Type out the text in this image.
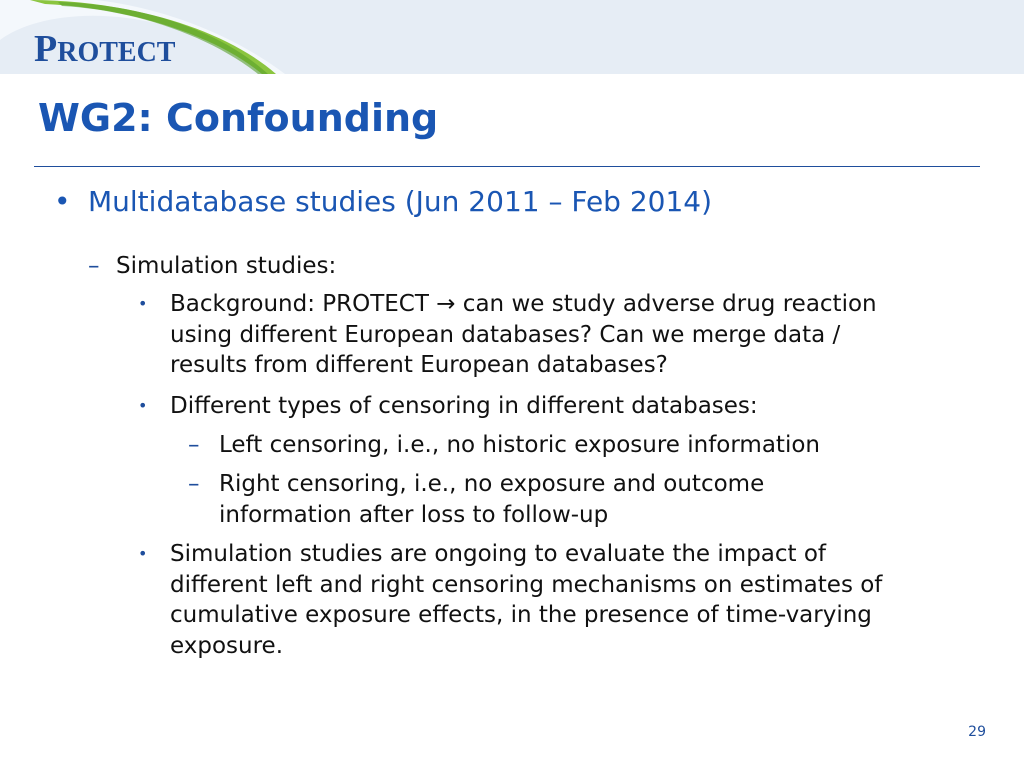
PROTECT
WG2: Confounding
• Multidatabase studies (Jun 2011 – Feb 2014)
– Simulation studies:
• Background: PROTECT → can we study adverse drug reaction
using different European databases? Can we merge data /
results from different European databases?
• Different types of censoring in different databases:
– Left censoring, i.e., no historic exposure information
– Right censoring, i.e., no exposure and outcome
information after loss to follow-up
• Simulation studies are ongoing to evaluate the impact of
different left and right censoring mechanisms on estimates of
cumulative exposure effects, in the presence of time-varying
exposure.
29
